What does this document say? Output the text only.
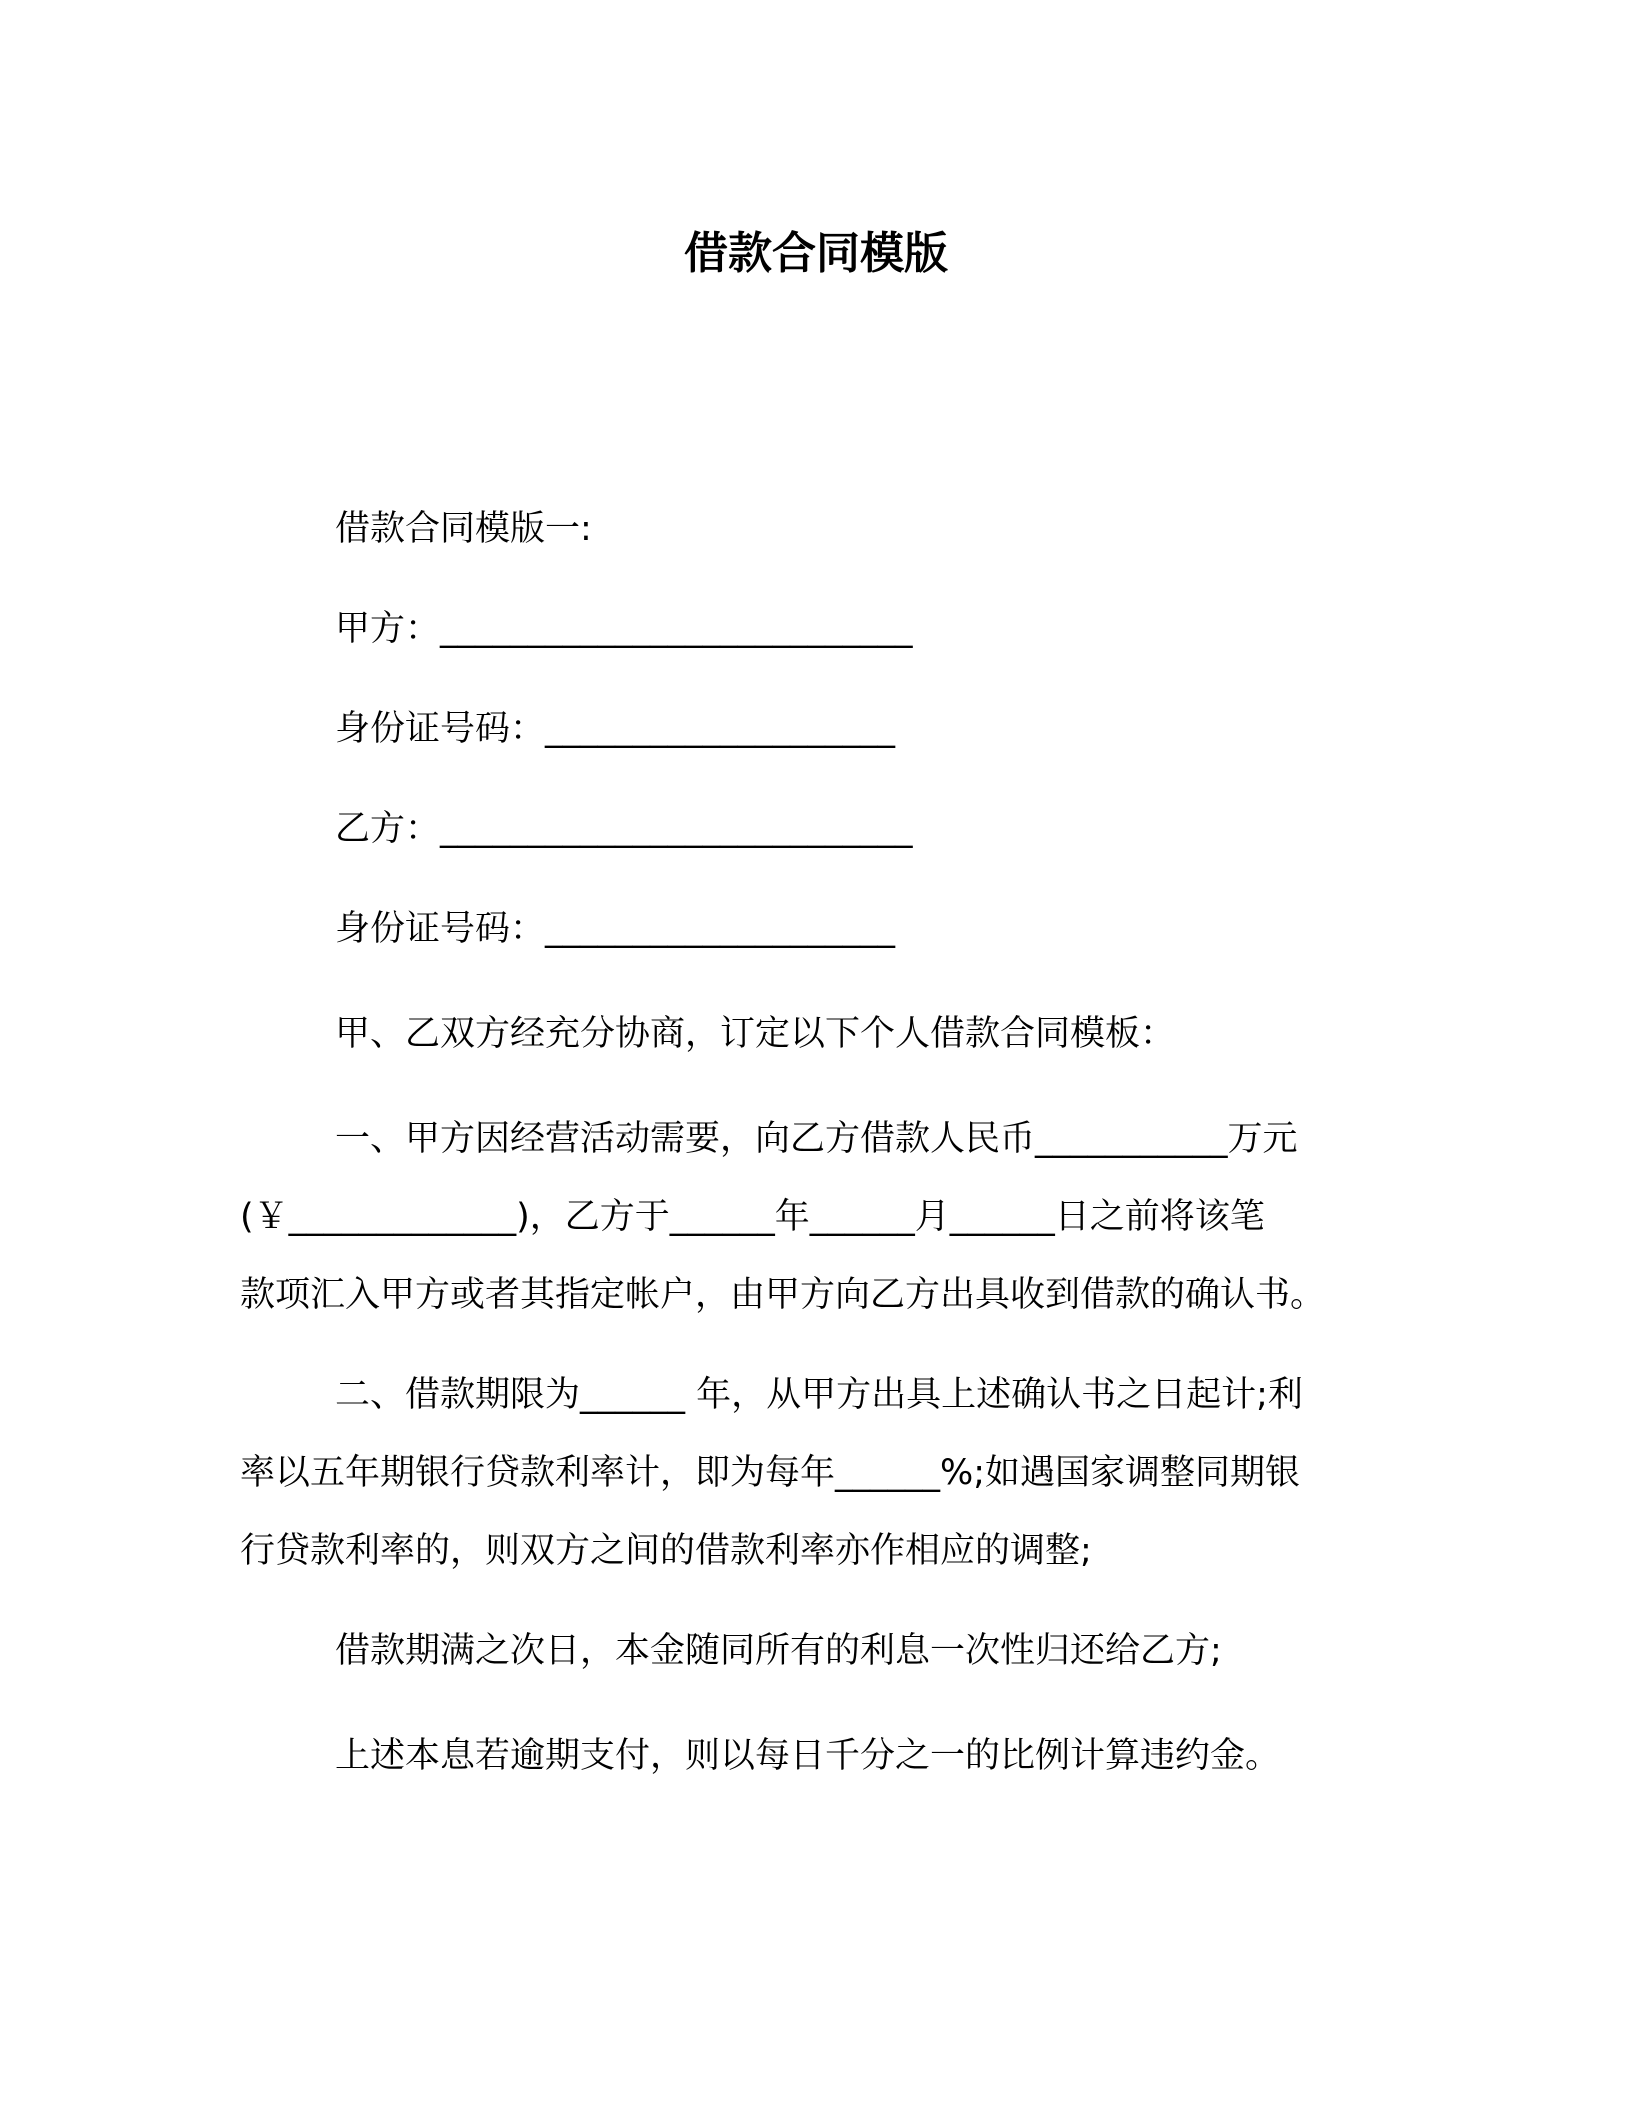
借款合同模版

借款合同模版一:

甲方：___________________________

身份证号码：____________________

乙方：___________________________

身份证号码：____________________

甲、乙双方经充分协商，订定以下个人借款合同模板：

一、甲方因经营活动需要，向乙方借款人民币___________万元
(￥_____________)，乙方于______年______月______日之前将该笔
款项汇入甲方或者其指定帐户，由甲方向乙方出具收到借款的确认书。
二、借款期限为______ 年，从甲方出具上述确认书之日起计;利
率以五年期银行贷款利率计，即为每年______%;如遇国家调整同期银
行贷款利率的，则双方之间的借款利率亦作相应的调整;

借款期满之次日，本金随同所有的利息一次性归还给乙方;

上述本息若逾期支付，则以每日千分之一的比例计算违约金。
